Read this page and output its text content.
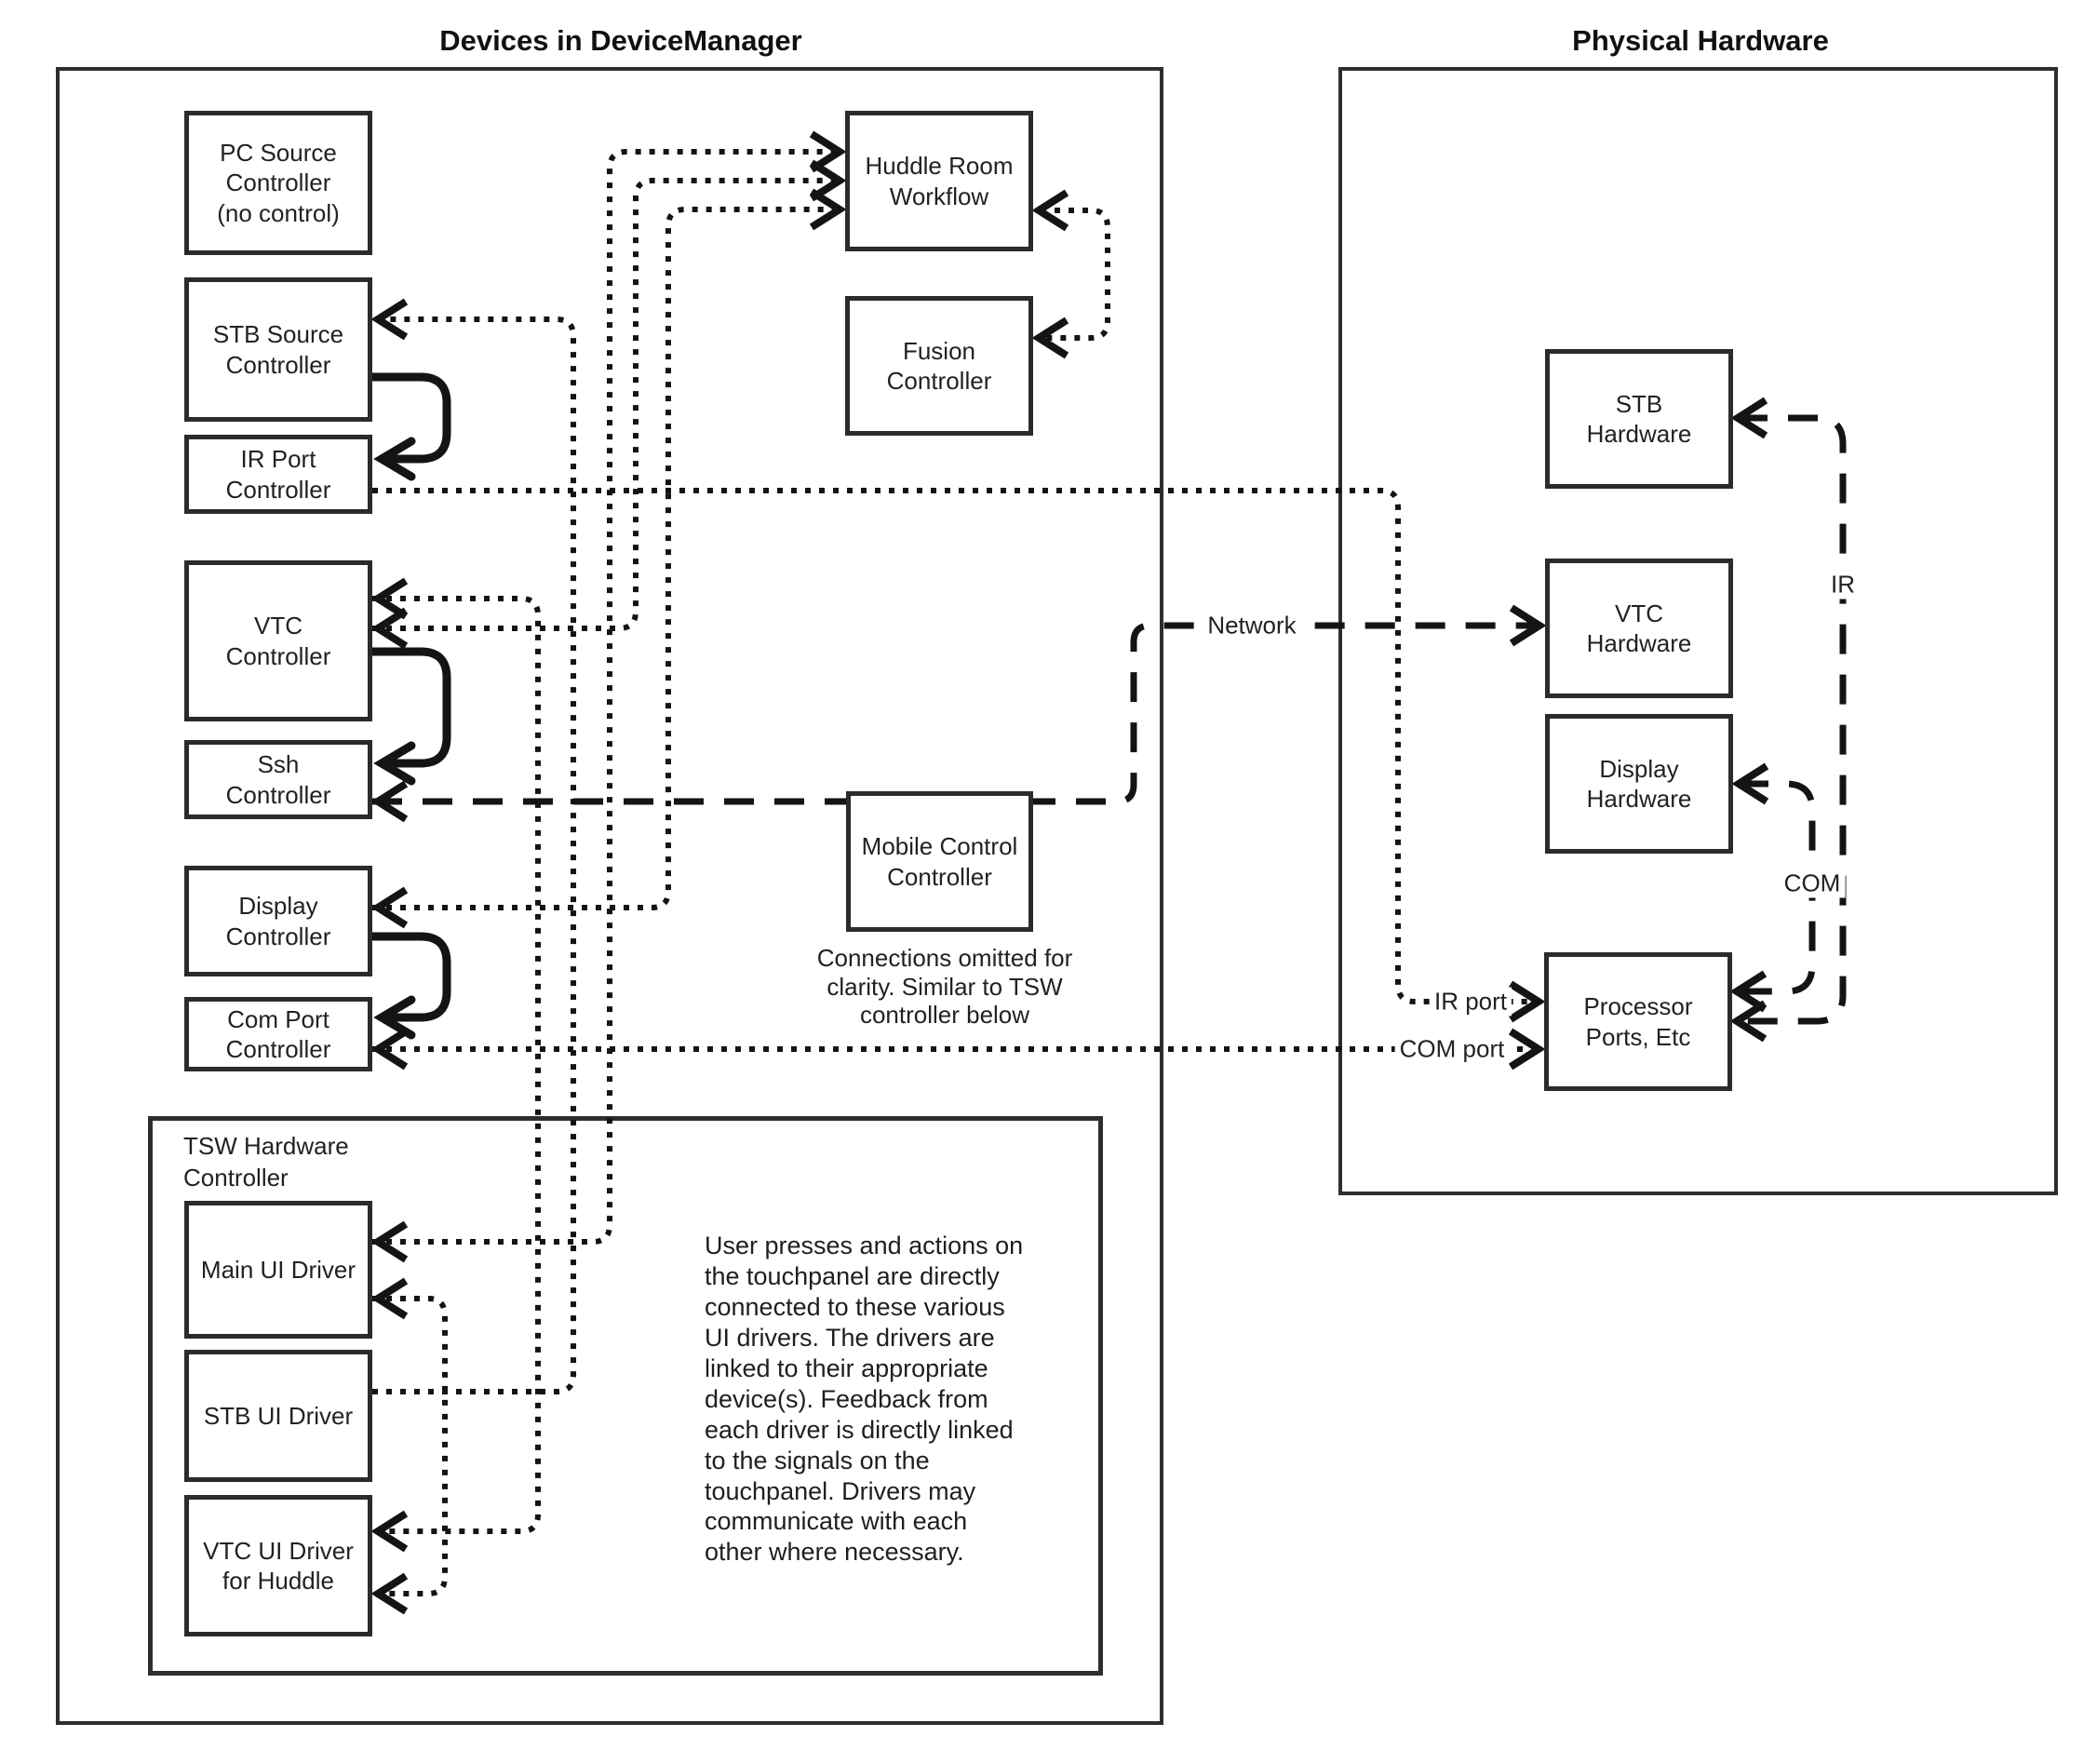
Devices in DeviceManager	Physical Hardware
PC Source
Controller
(no control)
STB Source
Controller
IR Port
Controller
VTC
Controller
Ssh
Controller
Display
Controller
Com Port
Controller
Huddle Room
Workflow
Fusion
Controller
Mobile Control
Controller
TSW Hardware
Controller
Main UI Driver
STB UI Driver
VTC UI Driver
for Huddle
STB
Hardware
VTC
Hardware
Display
Hardware
Processor
Ports, Etc
Network
IR
COM
IR port
COM port
Connections omitted for
clarity. Similar to TSW
controller below
User presses and actions on
the touchpanel are directly
connected to these various
UI drivers. The drivers are
linked to their appropriate
device(s). Feedback from
each driver is directly linked
to the signals on the
touchpanel. Drivers may
communicate with each
other where necessary.
